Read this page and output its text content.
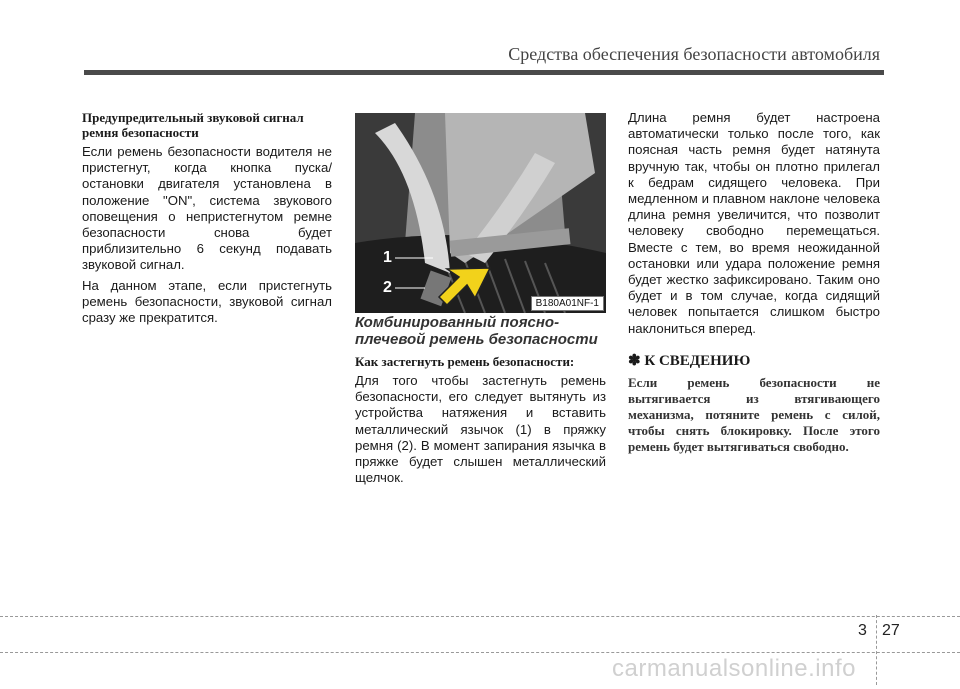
Средства обеспечения безопасности автомобиля
Предупредительный звуковой сигнал ремня безопасности

Если ремень безопасности водителя не пристегнут, когда кнопка пуска/остановки двигателя установлена в положение "ON", система звукового оповещения о непристегнутом ремне безопасности снова будет приблизительно 6 секунд подавать звуковой сигнал.

На данном этапе, если пристегнуть ремень безопасности, звуковой сигнал сразу же прекратится.

1
2
B180A01NF-1
Комбинированный поясно-плечевой ремень безопасности
Как застегнуть ремень безопасности:

Для того чтобы застегнуть ремень безопасности, его следует вытянуть из устройства натяжения и вставить металлический язычок (1) в пряжку ремня (2). В момент запирания язычка в пряжке будет слышен металлический щелчок.

Длина ремня будет настроена автоматически только после того, как поясная часть ремня будет натянута вручную так, чтобы он плотно прилегал к бедрам сидящего человека. При медленном и плавном наклоне человека длина ремня увеличится, что позволит человеку свободно перемещаться. Вместе с тем, во время неожиданной остановки или удара положение ремня будет жестко зафиксировано. Таким оно будет и в том случае, когда сидящий человек попытается слишком быстро наклониться вперед.

✽ К СВЕДЕНИЮ
Если ремень безопасности не вытягивается из втягивающего механизма, потяните ремень с силой, чтобы снять блокировку. После этого ремень будет вытягиваться свободно.
3 27
carmanualsonline.info
